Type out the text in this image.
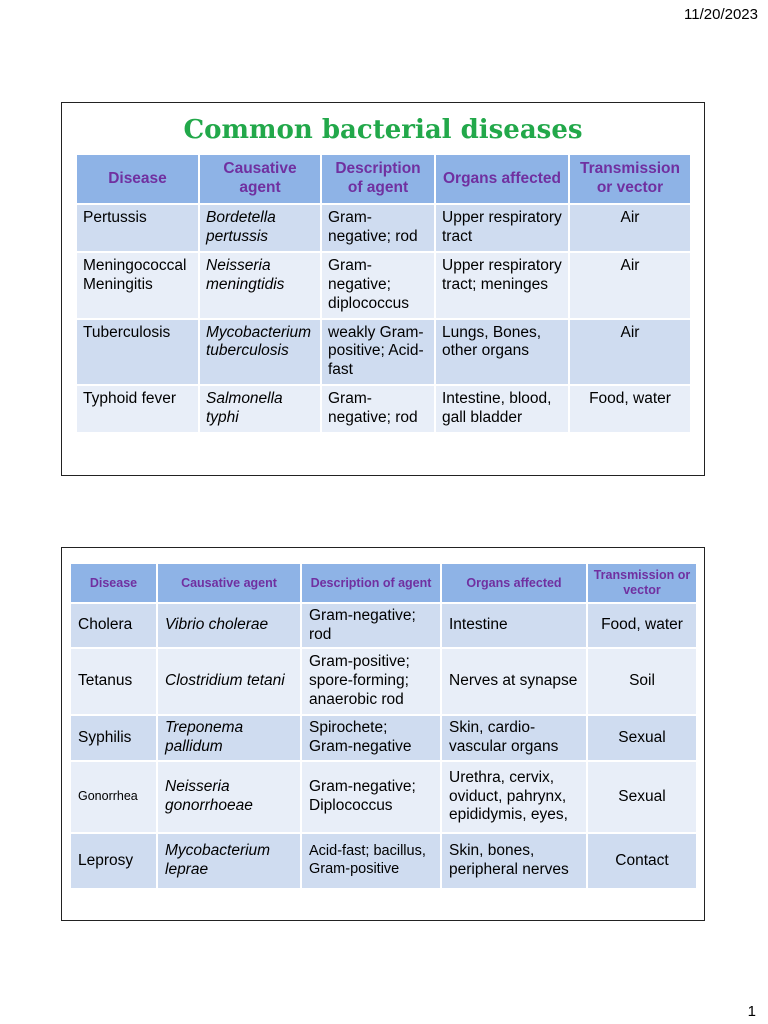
11/20/2023
Common bacterial diseases
Disease	Causative agent	Description of agent	Organs affected	Transmission or vector
Pertussis	Bordetella pertussis	Gram-negative; rod	Upper respiratory tract	Air
Meningococcal Meningitis	Neisseria meningtidis	Gram-negative; diplococcus	Upper respiratory tract; meninges	Air
Tuberculosis	Mycobacterium tuberculosis	weakly Gram-positive; Acid-fast	Lungs, Bones, other organs	Air
Typhoid fever	Salmonella typhi	Gram-negative; rod	Intestine, blood, gall bladder	Food, water
Disease	Causative agent	Description of agent	Organs affected	Transmission or vector
Cholera	Vibrio cholerae	Gram-negative; rod	Intestine	Food, water
Tetanus	Clostridium tetani	Gram-positive; spore-forming; anaerobic rod	Nerves at synapse	Soil
Syphilis	Treponema pallidum	Spirochete; Gram-negative	Skin, cardio-vascular organs	Sexual
Gonorrhea	Neisseria gonorrhoeae	Gram-negative; Diplococcus	Urethra, cervix, oviduct, pahrynx, epididymis, eyes,	Sexual
Leprosy	Mycobacterium leprae	Acid-fast; bacillus, Gram-positive	Skin, bones, peripheral nerves	Contact
1
